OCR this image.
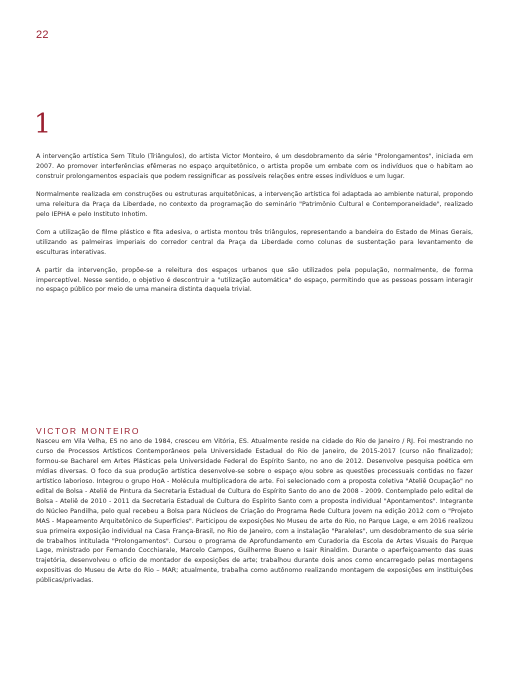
22
1

A intervenção artística Sem Título (Triângulos), do artista Victor Monteiro, é um desdobramento da série "Prolongamentos", iniciada em 2007. Ao promover interferências efêmeras no espaço arquitetônico, o artista propõe um embate com os indivíduos que o habitam ao construir prolongamentos espaciais que podem ressignificar as possíveis relações entre esses indivíduos e um lugar.

Normalmente realizada em construções ou estruturas arquitetônicas, a intervenção artística foi adaptada ao ambiente natural, propondo uma releitura da Praça da Liberdade, no contexto da programação do seminário "Patrimônio Cultural e Contemporaneidade", realizado pelo IEPHA e pelo Instituto Inhotim.

Com a utilização de filme plástico e fita adesiva, o artista montou três triângulos, representando a bandeira do Estado de Minas Gerais, utilizando as palmeiras imperiais do corredor central da Praça da Liberdade como colunas de sustentação para levantamento de esculturas interativas.

A partir da intervenção, propõe-se a releitura dos espaços urbanos que são utilizados pela população, normalmente, de forma imperceptível. Nesse sentido, o objetivo é descontruir a "utilização automática" do espaço, permitindo que as pessoas possam interagir no espaço público por meio de uma maneira distinta daquela trivial.

VICTOR MONTEIRO

Nasceu em Vila Velha, ES no ano de 1984, cresceu em Vitória, ES. Atualmente reside na cidade do Rio de Janeiro / RJ. Foi mestrando no curso de Processos Artísticos Contemporâneos pela Universidade Estadual do Rio de Janeiro, de 2015-2017 (curso não finalizado); formou-se Bacharel em Artes Plásticas pela Universidade Federal do Espírito Santo, no ano de 2012. Desenvolve pesquisa poética em mídias diversas. O foco da sua produção artística desenvolve-se sobre o espaço e/ou sobre as questões processuais contidas no fazer artístico laborioso. Integrou o grupo HoA - Molécula multiplicadora de arte. Foi selecionado com a proposta coletiva "Ateliê Ocupação" no edital de Bolsa - Ateliê de Pintura da Secretaria Estadual de Cultura do Espírito Santo do ano de 2008 - 2009. Contemplado pelo edital de Bolsa - Ateliê de 2010 - 2011 da Secretaria Estadual de Cultura do Espírito Santo com a proposta individual "Apontamentos". Integrante do Núcleo Pandilha, pelo qual recebeu a Bolsa para Núcleos de Criação do Programa Rede Cultura Jovem na edição 2012 com o "Projeto MAS - Mapeamento Arquitetônico de Superfícies". Participou de exposições No Museu de arte do Rio, no Parque Lage, e em 2016 realizou sua primeira exposição individual na Casa França-Brasil, no Rio de Janeiro, com a instalação "Paralelas", um desdobramento de sua série de trabalhos intitulada "Prolongamentos". Cursou o programa de Aprofundamento em Curadoria da Escola de Artes Visuais do Parque Lage, ministrado por Fernando Cocchiarale, Marcelo Campos, Guilherme Bueno e Isair Rinaldim. Durante o aperfeiçoamento das suas trajetória, desenvolveu o ofício de montador de exposições de arte; trabalhou durante dois anos como encarregado pelas montagens expositivas do Museu de Arte do Rio – MAR; atualmente, trabalha como autônomo realizando montagem de exposições em instituições públicas/privadas.
